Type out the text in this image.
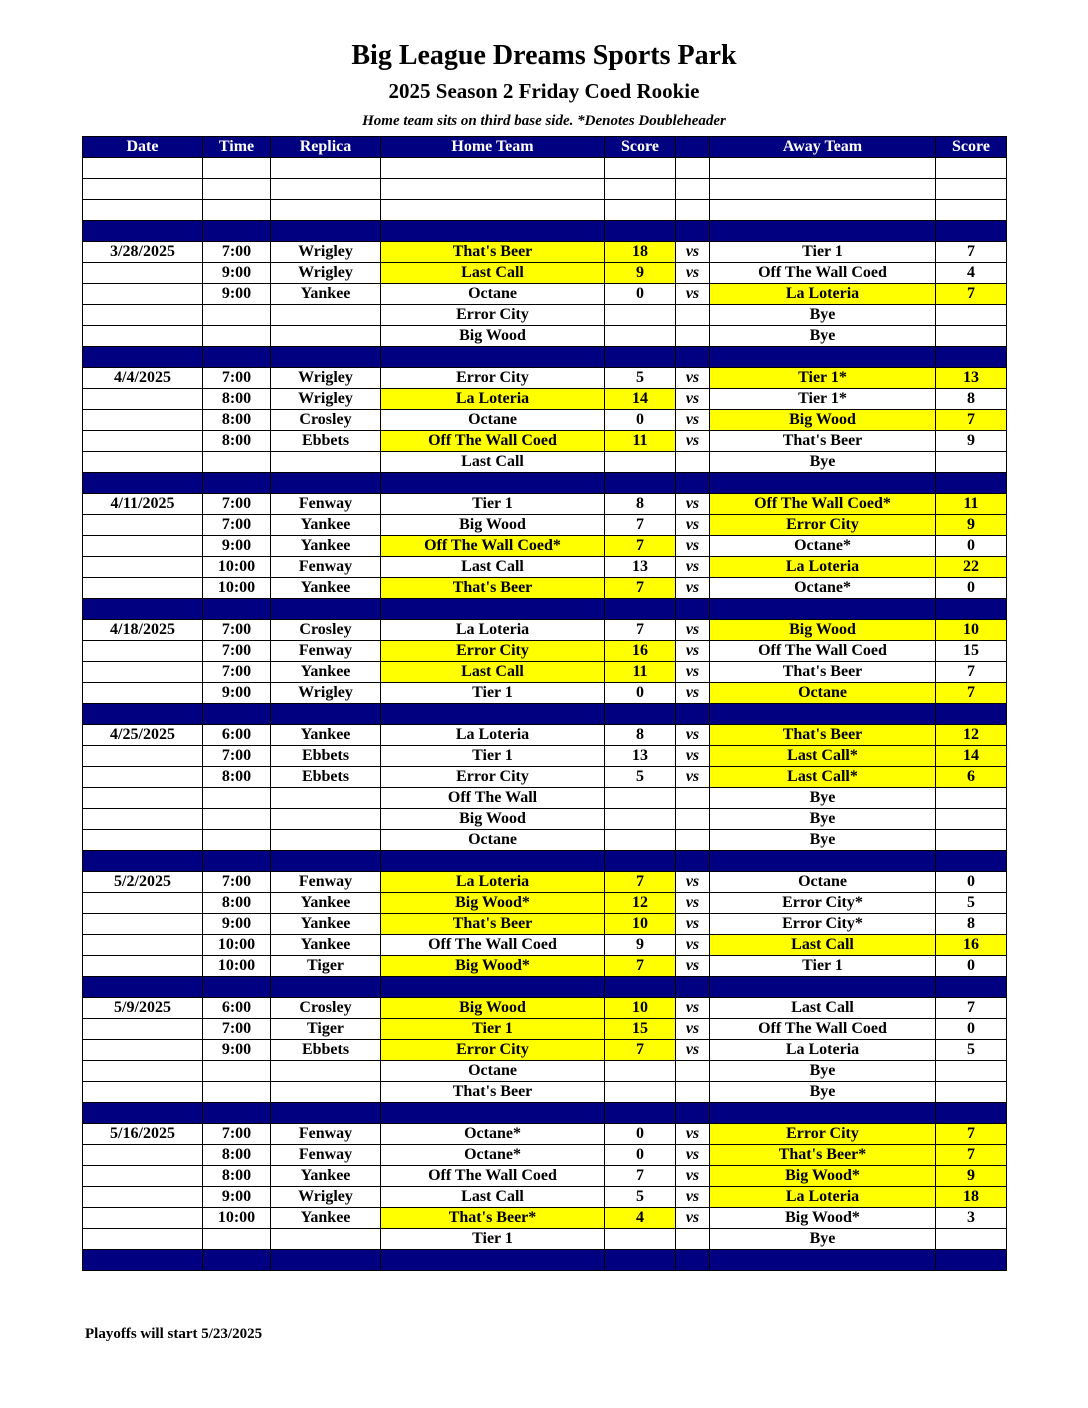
Big League Dreams Sports Park
2025 Season 2 Friday Coed Rookie
Home team sits on third base side. *Denotes Doubleheader
Date	Time	Replica	Home Team	Score		Away Team	Score

3/28/2025	7:00	Wrigley	That's Beer	18	vs	Tier 1	7
	9:00	Wrigley	Last Call	9	vs	Off The Wall Coed	4
	9:00	Yankee	Octane	0	vs	La Loteria	7
			Error City			Bye	
			Big Wood			Bye	

4/4/2025	7:00	Wrigley	Error City	5	vs	Tier 1*	13
	8:00	Wrigley	La Loteria	14	vs	Tier 1*	8
	8:00	Crosley	Octane	0	vs	Big Wood	7
	8:00	Ebbets	Off The Wall Coed	11	vs	That's Beer	9
			Last Call			Bye	

4/11/2025	7:00	Fenway	Tier 1	8	vs	Off The Wall Coed*	11
	7:00	Yankee	Big Wood	7	vs	Error City	9
	9:00	Yankee	Off The Wall Coed*	7	vs	Octane*	0
	10:00	Fenway	Last Call	13	vs	La Loteria	22
	10:00	Yankee	That's Beer	7	vs	Octane*	0

4/18/2025	7:00	Crosley	La Loteria	7	vs	Big Wood	10
	7:00	Fenway	Error City	16	vs	Off The Wall Coed	15
	7:00	Yankee	Last Call	11	vs	That's Beer	7
	9:00	Wrigley	Tier 1	0	vs	Octane	7

4/25/2025	6:00	Yankee	La Loteria	8	vs	That's Beer	12
	7:00	Ebbets	Tier 1	13	vs	Last Call*	14
	8:00	Ebbets	Error City	5	vs	Last Call*	6
			Off The Wall			Bye	
			Big Wood			Bye	
			Octane			Bye	

5/2/2025	7:00	Fenway	La Loteria	7	vs	Octane	0
	8:00	Yankee	Big Wood*	12	vs	Error City*	5
	9:00	Yankee	That's Beer	10	vs	Error City*	8
	10:00	Yankee	Off The Wall Coed	9	vs	Last Call	16
	10:00	Tiger	Big Wood*	7	vs	Tier 1	0

5/9/2025	6:00	Crosley	Big Wood	10	vs	Last Call	7
	7:00	Tiger	Tier 1	15	vs	Off The Wall Coed	0
	9:00	Ebbets	Error City	7	vs	La Loteria	5
			Octane			Bye	
			That's Beer			Bye	

5/16/2025	7:00	Fenway	Octane*	0	vs	Error City	7
	8:00	Fenway	Octane*	0	vs	That's Beer*	7
	8:00	Yankee	Off The Wall Coed	7	vs	Big Wood*	9
	9:00	Wrigley	Last Call	5	vs	La Loteria	18
	10:00	Yankee	That's Beer*	4	vs	Big Wood*	3
			Tier 1			Bye	

Playoffs will start 5/23/2025
